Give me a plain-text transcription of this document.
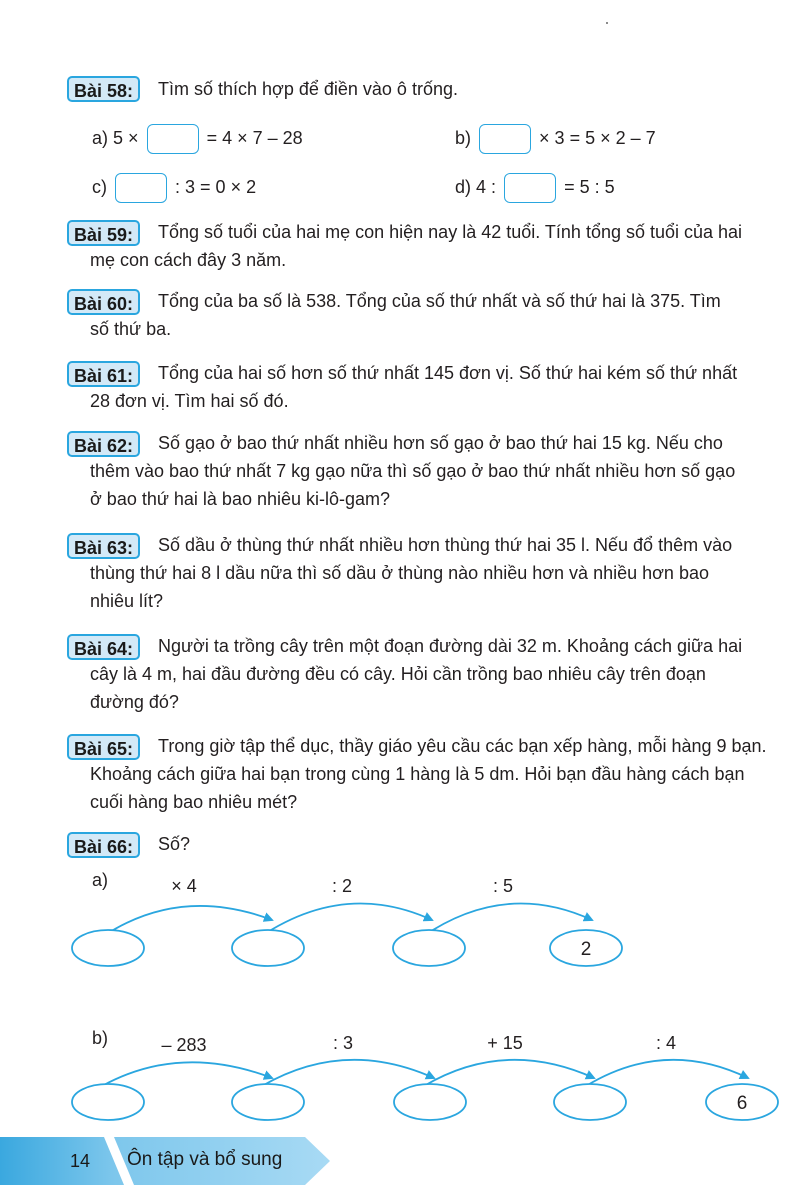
Bài 58:	Tìm số thích hợp để điền vào ô trống.
a) 5 ×	= 4 × 7 – 28	b)	× 3 = 5 × 2 – 7
c)	: 3 = 0 × 2	d) 4 :	= 5 : 5
Bài 59:	Tổng số tuổi của hai mẹ con hiện nay là 42 tuổi. Tính tổng số tuổi của hai
mẹ con cách đây 3 năm.
Bài 60:	Tổng của ba số là 538. Tổng của số thứ nhất và số thứ hai là 375. Tìm
số thứ ba.
Bài 61:	Tổng của hai số hơn số thứ nhất 145 đơn vị. Số thứ hai kém số thứ nhất
28 đơn vị. Tìm hai số đó.
Bài 62:	Số gạo ở bao thứ nhất nhiều hơn số gạo ở bao thứ hai 15 kg. Nếu cho
thêm vào bao thứ nhất 7 kg gạo nữa thì số gạo ở bao thứ nhất nhiều hơn số gạo
ở bao thứ hai là bao nhiêu ki-lô-gam?
Bài 63:	Số dầu ở thùng thứ nhất nhiều hơn thùng thứ hai 35 l. Nếu đổ thêm vào
thùng thứ hai 8 l dầu nữa thì số dầu ở thùng nào nhiều hơn và nhiều hơn bao
nhiêu lít?
Bài 64:	Người ta trồng cây trên một đoạn đường dài 32 m. Khoảng cách giữa hai
cây là 4 m, hai đầu đường đều có cây. Hỏi cần trồng bao nhiêu cây trên đoạn
đường đó?
Bài 65:	Trong giờ tập thể dục, thầy giáo yêu cầu các bạn xếp hàng, mỗi hàng 9 bạn.
Khoảng cách giữa hai bạn trong cùng 1 hàng là 5 dm. Hỏi bạn đầu hàng cách bạn
cuối hàng bao nhiêu mét?
Bài 66:	Số?
a)	× 4	: 2	: 5
2
b)	– 283	: 3	+ 15	: 4
6
14 Ôn tập và bổ sung
